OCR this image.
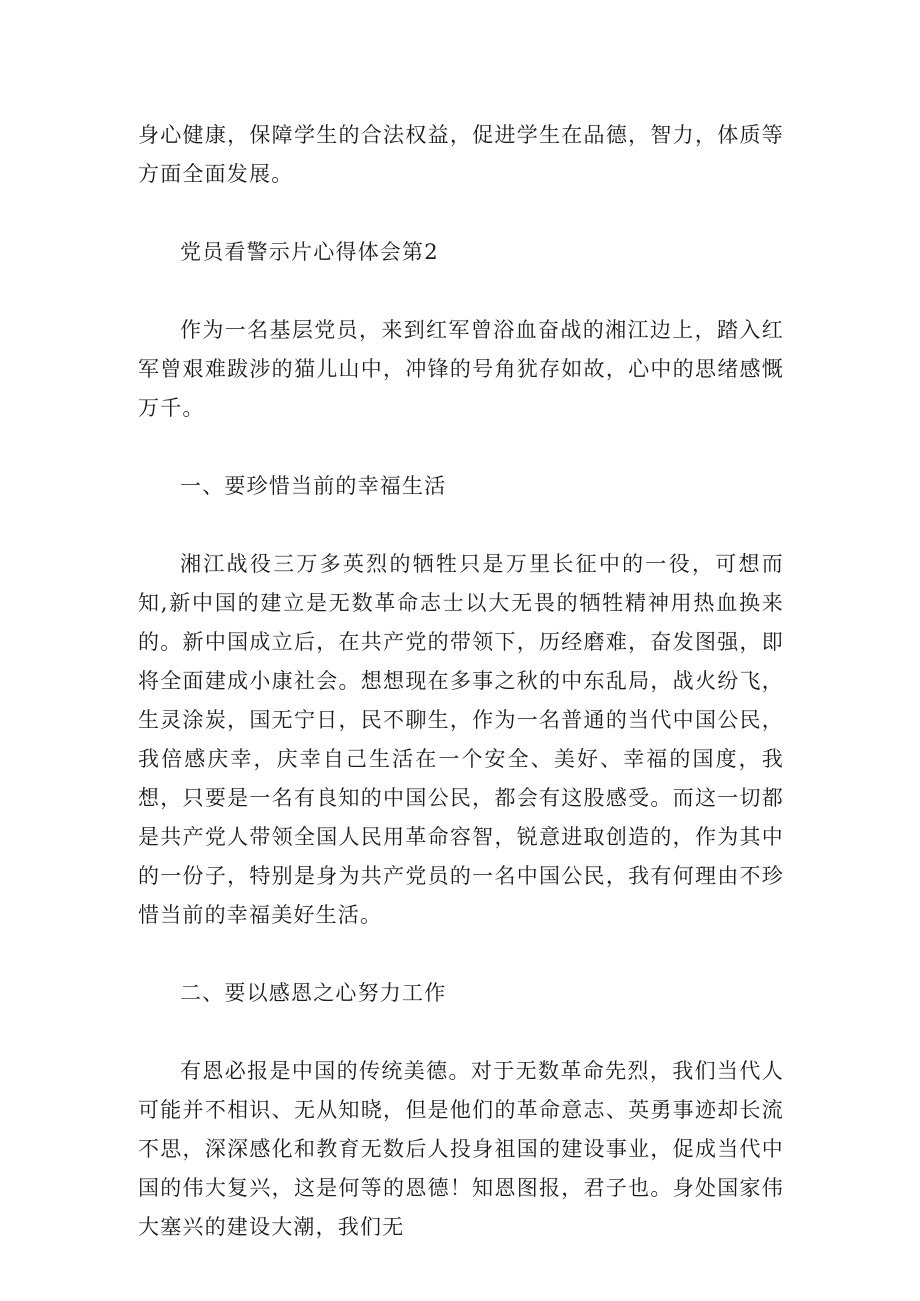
身心健康，保障学生的合法权益，促进学生在品德，智力，体质等方面全面发展。

党员看警示片心得体会第2

作为一名基层党员，来到红军曾浴血奋战的湘江边上，踏入红军曾艰难跋涉的猫儿山中，冲锋的号角犹存如故，心中的思绪感慨万千。

一、要珍惜当前的幸福生活

湘江战役三万多英烈的牺牲只是万里长征中的一役，可想而知,新中国的建立是无数革命志士以大无畏的牺牲精神用热血换来的。新中国成立后，在共产党的带领下，历经磨难，奋发图强，即将全面建成小康社会。想想现在多事之秋的中东乱局，战火纷飞，生灵涂炭，国无宁日，民不聊生，作为一名普通的当代中国公民，我倍感庆幸，庆幸自己生活在一个安全、美好、幸福的国度，我想，只要是一名有良知的中国公民，都会有这股感受。而这一切都是共产党人带领全国人民用革命容智，锐意进取创造的，作为其中的一份子，特别是身为共产党员的一名中国公民，我有何理由不珍惜当前的幸福美好生活。

二、要以感恩之心努力工作

有恩必报是中国的传统美德。对于无数革命先烈，我们当代人可能并不相识、无从知晓，但是他们的革命意志、英勇事迹却长流不思，深深感化和教育无数后人投身祖国的建设事业，促成当代中国的伟大复兴，这是何等的恩德！知恩图报，君子也。身处国家伟大塞兴的建设大潮，我们无
